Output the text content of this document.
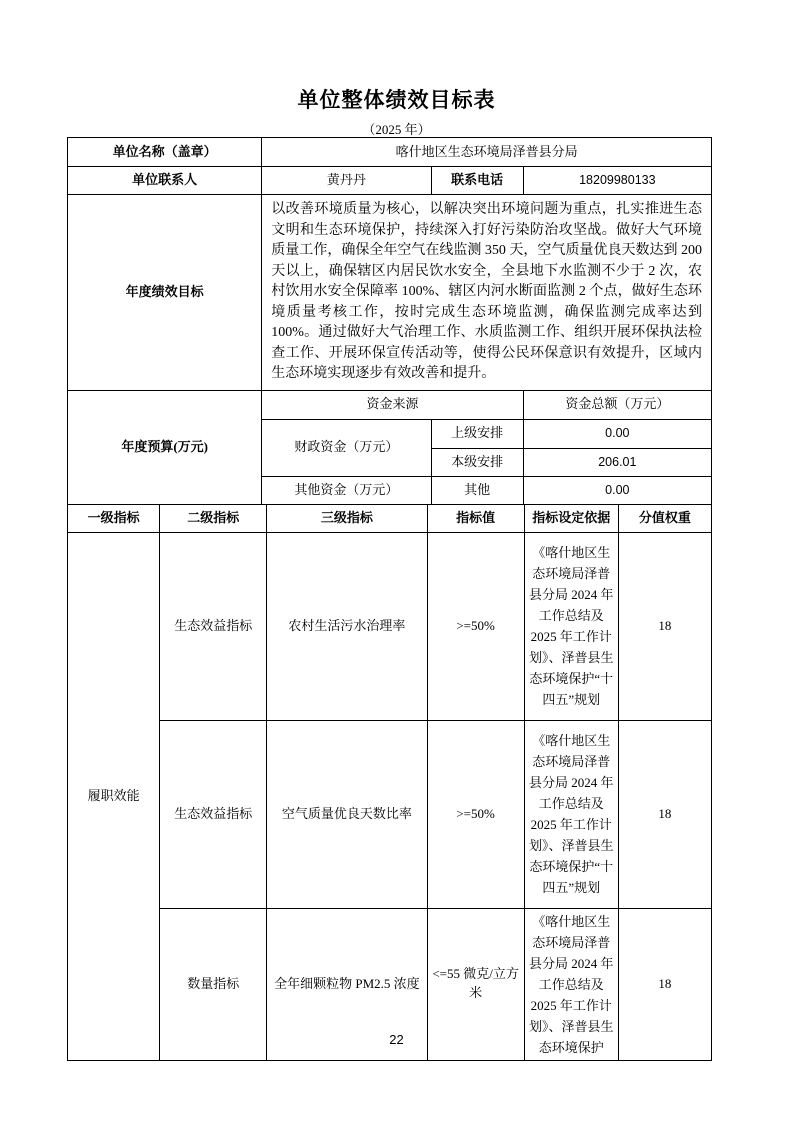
单位整体绩效目标表
（2025 年）
单位名称（盖章）	喀什地区生态环境局泽普县分局		
单位联系人	黄丹丹	联系电话	18209980133
年度绩效目标	以改善环境质量为核心，以解决突出环境问题为重点，扎实推进生态文明和生态环境保护，持续深入打好污染防治攻坚战。做好大气环境质量工作，确保全年空气在线监测 350 天，空气质量优良天数达到 200 天以上，确保辖区内居民饮水安全，全县地下水监测不少于 2 次，农村饮用水安全保障率 100%、辖区内河水断面监测 2 个点，做好生态环境质量考核工作，按时完成生态环境监测，确保监测完成率达到 100%。通过做好大气治理工作、水质监测工作、组织开展环保执法检查工作、开展环保宣传活动等，使得公民环保意识有效提升，区域内生态环境实现逐步有效改善和提升。		
年度预算(万元)	资金来源		资金总额（万元）
	财政资金（万元）	上级安排	0.00
		本级安排	206.01
	其他资金（万元）	其他	0.00
一级指标	二级指标	三级指标	指标值	指标设定依据	分值权重
履职效能	生态效益指标	农村生活污水治理率	>=50%	《喀什地区生态环境局泽普县分局 2024 年工作总结及 2025 年工作计划》、泽普县生态环境保护“十四五”规划	18
	生态效益指标	空气质量优良天数比率	>=50%	《喀什地区生态环境局泽普县分局 2024 年工作总结及 2025 年工作计划》、泽普县生态环境保护“十四五”规划	18
	数量指标	全年细颗粒物 PM2.5 浓度	<=55 微克/立方米	《喀什地区生态环境局泽普县分局 2024 年工作总结及 2025 年工作计划》、泽普县生态环境保护	18
22
